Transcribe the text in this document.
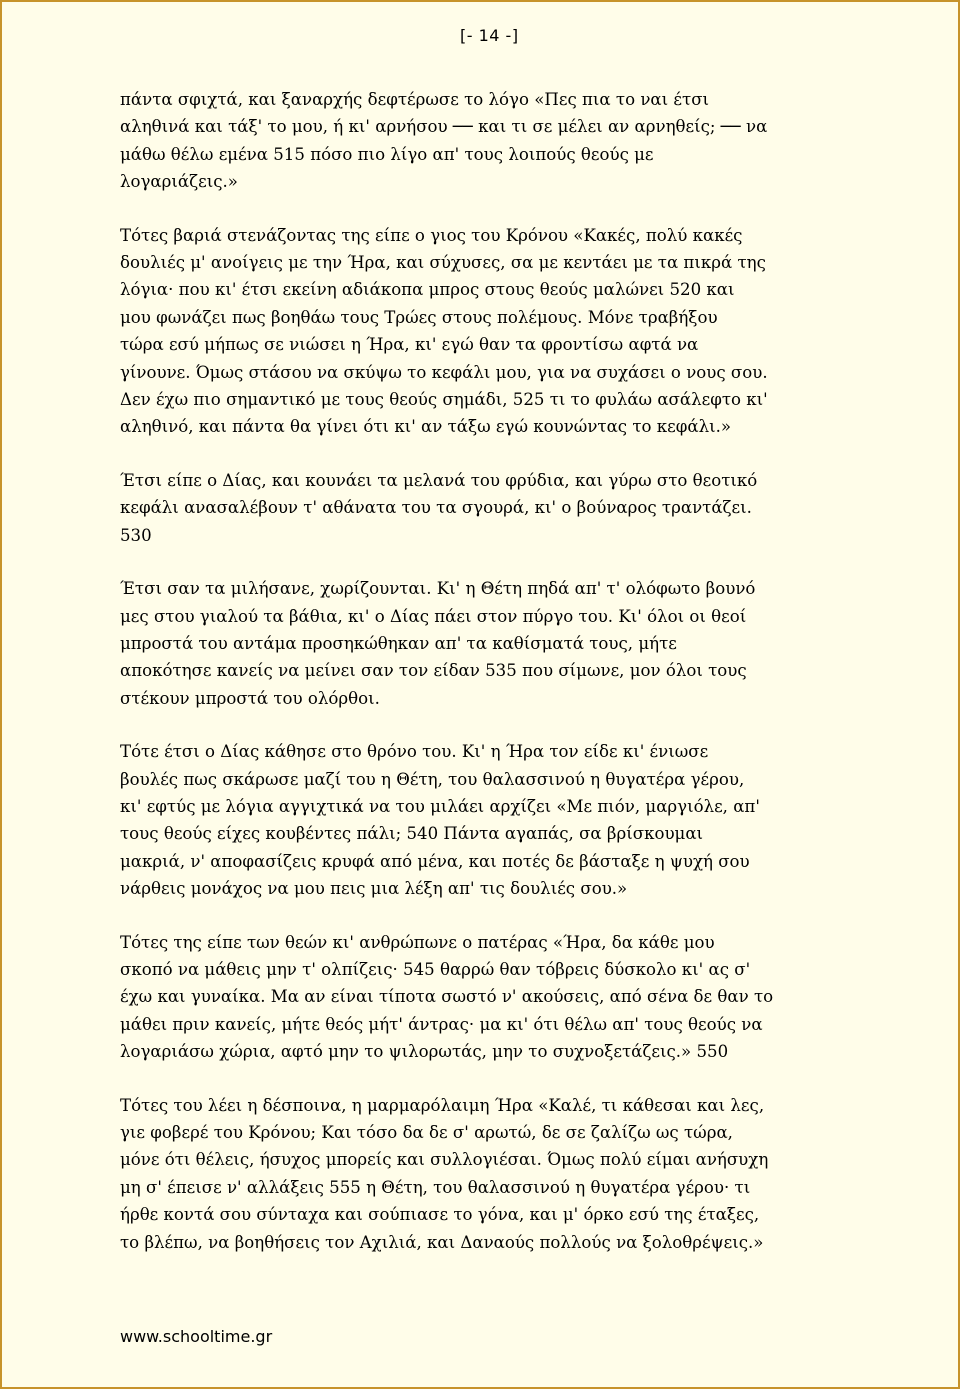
[- 14 -]

πάντα σφιχτά, και ξαναρχής δεφτέρωσε το λόγο «Πες πια το ναι έτσι
αληθινά και τάξ' το μου, ή κι' αρνήσου ── και τι σε μέλει αν αρνηθείς; ── να
μάθω θέλω εμένα 515 πόσο πιο λίγο απ' τους λοιπούς θεούς με
λογαριάζεις.»

Τότες βαριά στενάζοντας της είπε ο γιος του Κρόνου «Κακές, πολύ κακές
δουλιές μ' ανοίγεις με την Ήρα, και σύχυσες, σα με κεντάει με τα πικρά της
λόγια· που κι' έτσι εκείνη αδιάκοπα μπρος στους θεούς μαλώνει 520 και
μου φωνάζει πως βοηθάω τους Τρώες στους πολέμους. Μόνε τραβήξου
τώρα εσύ μήπως σε νιώσει η Ήρα, κι' εγώ θαν τα φροντίσω αφτά να
γίνουνε. Όμως στάσου να σκύψω το κεφάλι μου, για να συχάσει ο νους σου.
Δεν έχω πιο σημαντικό με τους θεούς σημάδι, 525 τι το φυλάω ασάλεφτο κι'
αληθινό, και πάντα θα γίνει ότι κι' αν τάξω εγώ κουνώντας το κεφάλι.»

Έτσι είπε ο Δίας, και κουνάει τα μελανά του φρύδια, και γύρω στο θεοτικό
κεφάλι ανασαλέβουν τ' αθάνατα του τα σγουρά, κι' ο βούναρος τραντάζει.
530

Έτσι σαν τα μιλήσανε, χωρίζουνται. Κι' η Θέτη πηδά απ' τ' ολόφωτο βουνό
μες στου γιαλού τα βάθια, κι' ο Δίας πάει στον πύργο του. Κι' όλοι οι θεοί
μπροστά του αντάμα προσηκώθηκαν απ' τα καθίσματά τους, μήτε
αποκότησε κανείς να μείνει σαν τον είδαν 535 που σίμωνε, μον όλοι τους
στέκουν μπροστά του ολόρθοι.

Τότε έτσι ο Δίας κάθησε στο θρόνο του. Κι' η Ήρα τον είδε κι' ένιωσε
βουλές πως σκάρωσε μαζί του η Θέτη, του θαλασσινού η θυγατέρα γέρου,
κι' εφτύς με λόγια αγγιχτικά να του μιλάει αρχίζει «Με πιόν, μαργιόλε, απ'
τους θεούς είχες κουβέντες πάλι; 540 Πάντα αγαπάς, σα βρίσκουμαι
μακριά, ν' αποφασίζεις κρυφά από μένα, και ποτές δε βάσταξε η ψυχή σου
νάρθεις μονάχος να μου πεις μια λέξη απ' τις δουλιές σου.»

Τότες της είπε των θεών κι' ανθρώπωνε ο πατέρας «Ήρα, δα κάθε μου
σκοπό να μάθεις μην τ' ολπίζεις· 545 θαρρώ θαν τόβρεις δύσκολο κι' ας σ'
έχω και γυναίκα. Μα αν είναι τίποτα σωστό ν' ακούσεις, από σένα δε θαν το
μάθει πριν κανείς, μήτε θεός μήτ' άντρας· μα κι' ότι θέλω απ' τους θεούς να
λογαριάσω χώρια, αφτό μην το ψιλορωτάς, μην το συχνοξετάζεις.» 550

Τότες του λέει η δέσποινα, η μαρμαρόλαιμη Ήρα «Καλέ, τι κάθεσαι και λες,
γιε φοβερέ του Κρόνου; Και τόσο δα δε σ' αρωτώ, δε σε ζαλίζω ως τώρα,
μόνε ότι θέλεις, ήσυχος μπορείς και συλλογιέσαι. Όμως πολύ είμαι ανήσυχη
μη σ' έπεισε ν' αλλάξεις 555 η Θέτη, του θαλασσινού η θυγατέρα γέρου· τι
ήρθε κοντά σου σύνταχα και σούπιασε το γόνα, και μ' όρκο εσύ της έταξες,
το βλέπω, να βοηθήσεις τον Αχιλιά, και Δαναούς πολλούς να ξολοθρέψεις.»

www.schooltime.gr
